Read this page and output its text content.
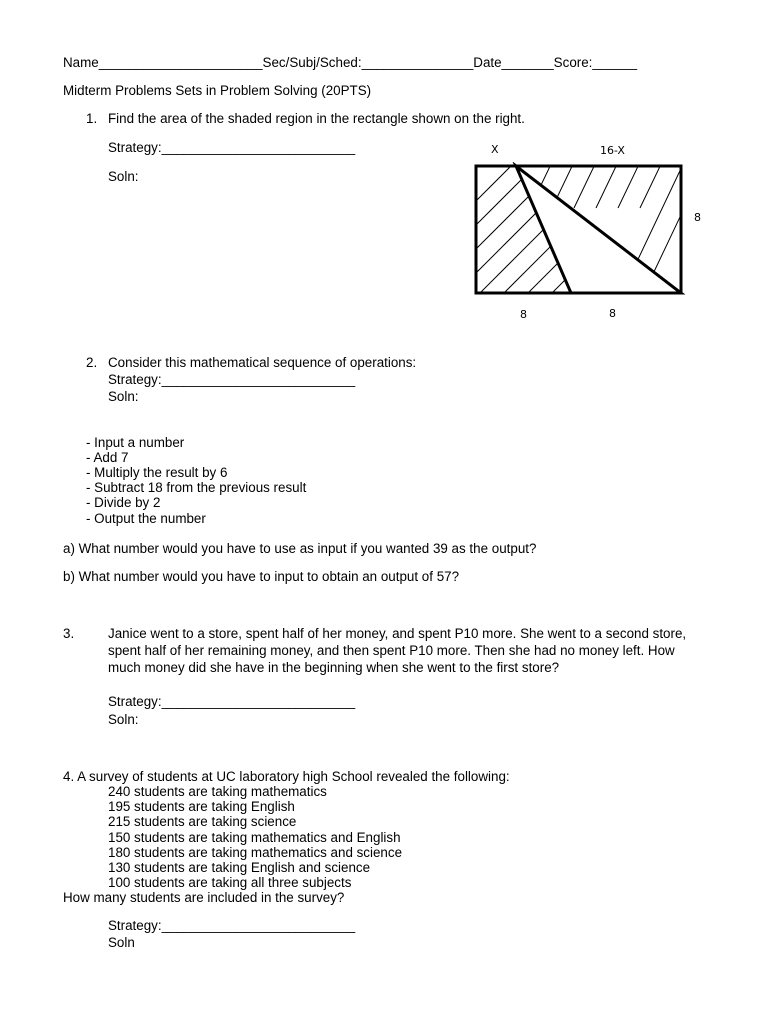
Name______________________Sec/Subj/Sched:_______________Date_______Score:______
Midterm Problems Sets in Problem Solving (20PTS)
1. Find the area of the shaded region in the rectangle shown on the right.
Strategy:__________________________
Soln:
X	16-X
8
8	8
2. Consider this mathematical sequence of operations:
Strategy:__________________________
Soln:
- Input a number
- Add 7
- Multiply the result by 6
- Subtract 18 from the previous result
- Divide by 2
- Output the number
a) What number would you have to use as input if you wanted 39 as the output?
b) What number would you have to input to obtain an output of 57?
3.	Janice went to a store, spent half of her money, and spent P10 more. She went to a second store, spent half of her remaining money, and then spent P10 more. Then she had no money left. How much money did she have in the beginning when she went to the first store?
Strategy:__________________________
Soln:
4. A survey of students at UC laboratory high School revealed the following:
240 students are taking mathematics
195 students are taking English
215 students are taking science
150 students are taking mathematics and English
180 students are taking mathematics and science
130 students are taking English and science
100 students are taking all three subjects
How many students are included in the survey?
Strategy:__________________________
Soln
